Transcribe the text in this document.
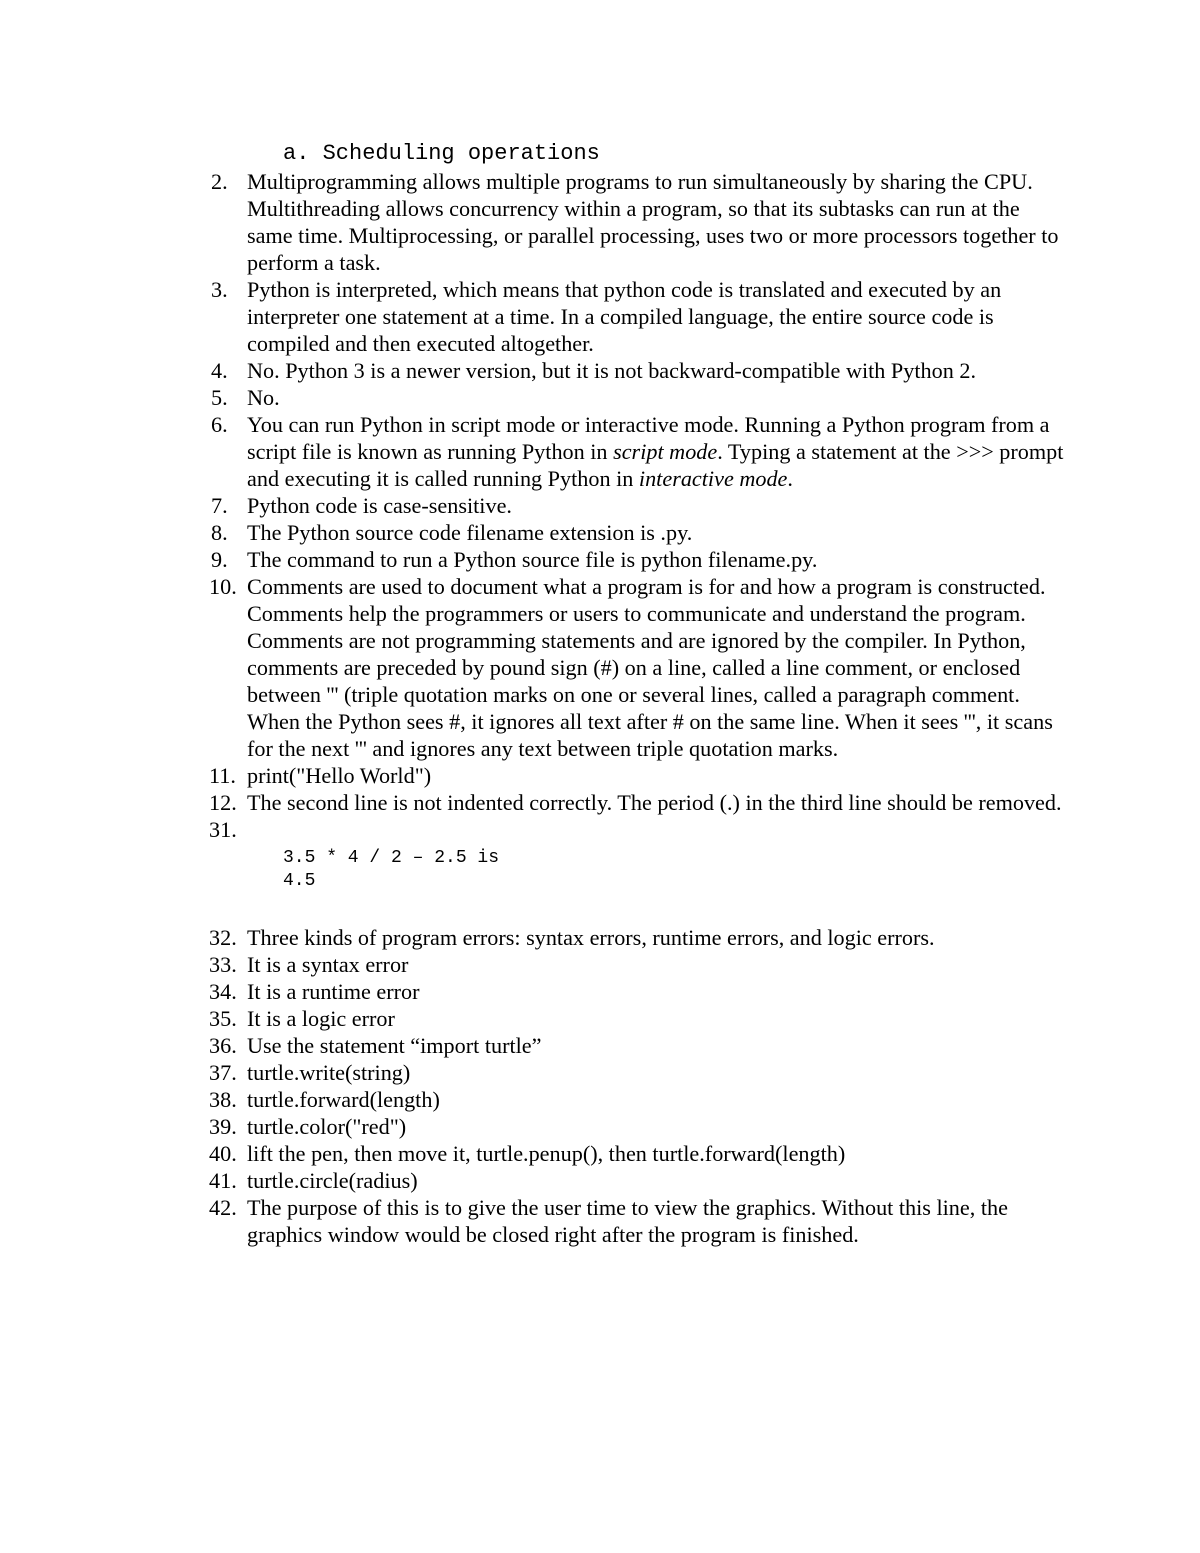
a. Scheduling operations
2. Multiprogramming allows multiple programs to run simultaneously by sharing the CPU. Multithreading allows concurrency within a program, so that its subtasks can run at the same time. Multiprocessing, or parallel processing, uses two or more processors together to perform a task.
3. Python is interpreted, which means that python code is translated and executed by an interpreter one statement at a time. In a compiled language, the entire source code is compiled and then executed altogether.
4. No. Python 3 is a newer version, but it is not backward-compatible with Python 2.
5. No.
6. You can run Python in script mode or interactive mode. Running a Python program from a script file is known as running Python in script mode. Typing a statement at the >>> prompt and executing it is called running Python in interactive mode.
7. Python code is case-sensitive.
8. The Python source code filename extension is .py.
9. The command to run a Python source file is python filename.py.
10. Comments are used to document what a program is for and how a program is constructed. Comments help the programmers or users to communicate and understand the program. Comments are not programming statements and are ignored by the compiler. In Python, comments are preceded by pound sign (#) on a line, called a line comment, or enclosed between ''' (triple quotation marks on one or several lines, called a paragraph comment. When the Python sees #, it ignores all text after # on the same line. When it sees ''', it scans for the next ''' and ignores any text between triple quotation marks.
11. print("Hello World")
12. The second line is not indented correctly. The period (.) in the third line should be removed.
31.

3.5 * 4 / 2 – 2.5 is
4.5
32. Three kinds of program errors: syntax errors, runtime errors, and logic errors.
33. It is a syntax error
34. It is a runtime error
35. It is a logic error
36. Use the statement “import turtle”
37. turtle.write(string)
38. turtle.forward(length)
39. turtle.color("red")
40. lift the pen, then move it, turtle.penup(), then turtle.forward(length)
41. turtle.circle(radius)
42. The purpose of this is to give the user time to view the graphics. Without this line, the graphics window would be closed right after the program is finished.
